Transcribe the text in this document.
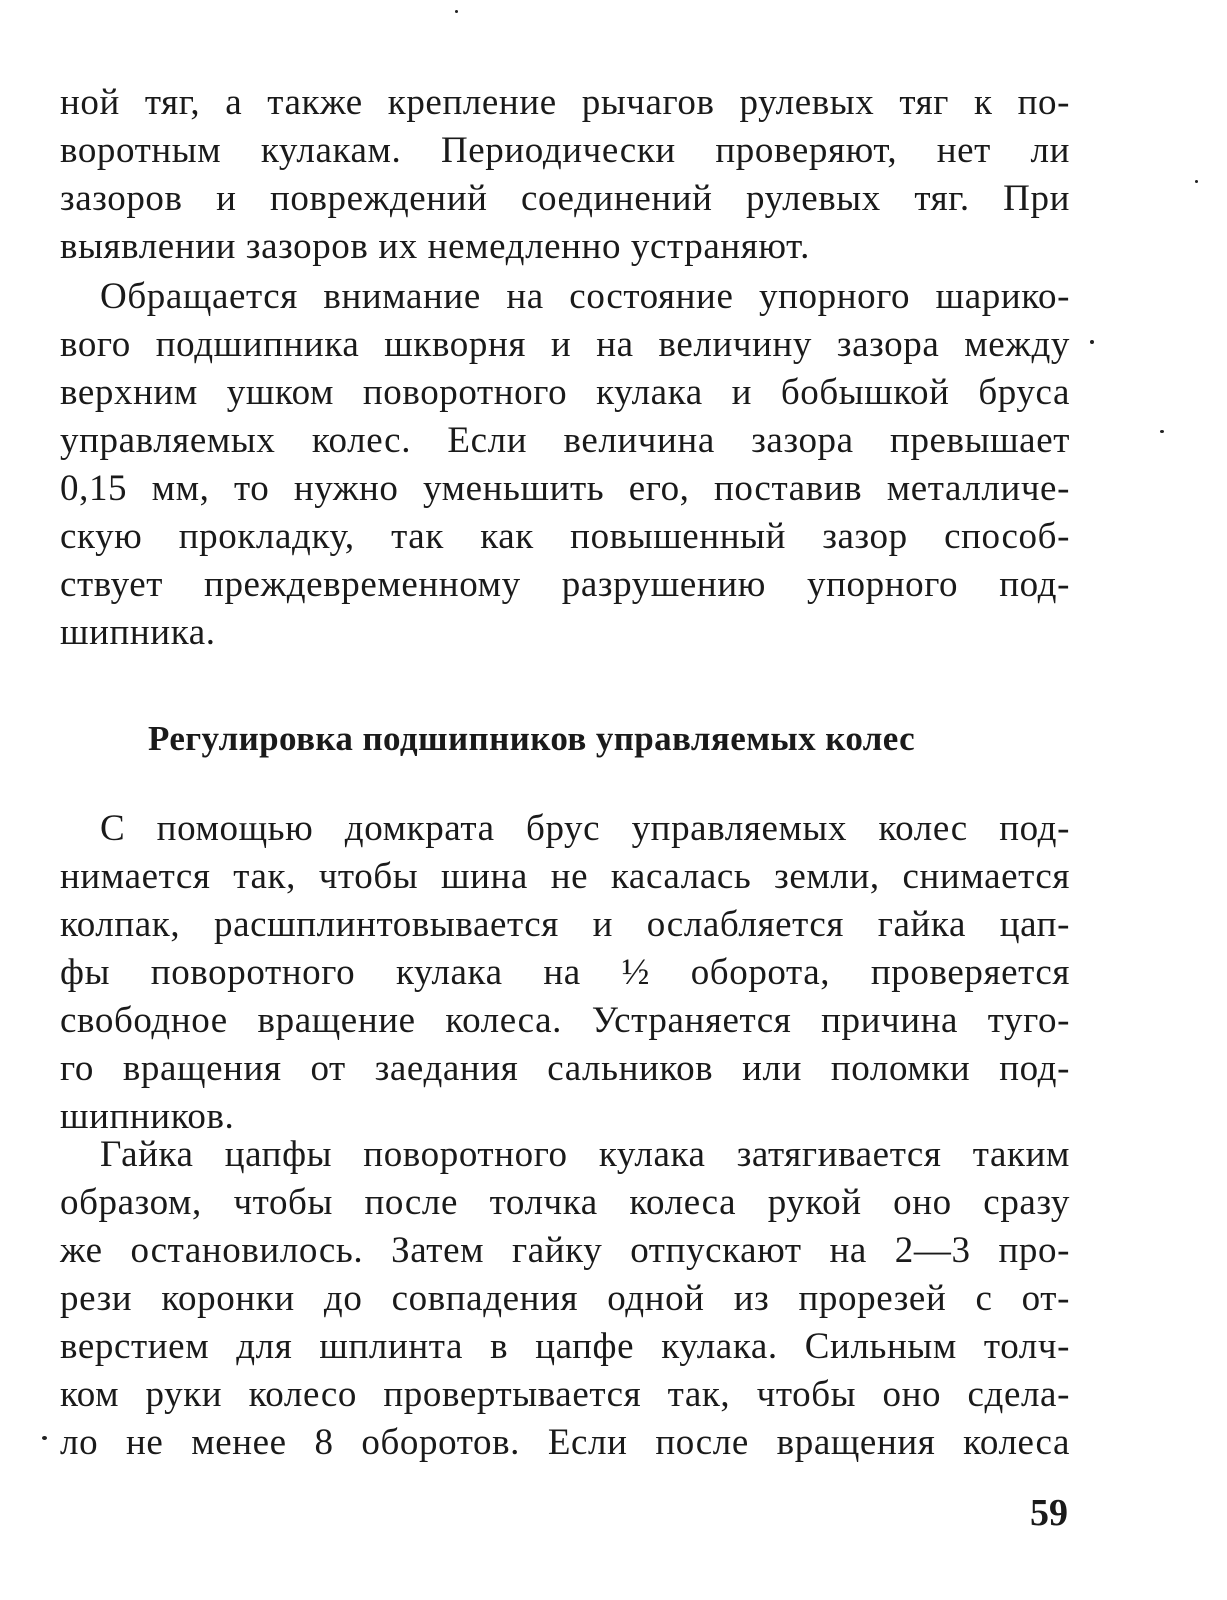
ной тяг, а также крепление рычагов рулевых тяг к по-
воротным кулакам. Периодически проверяют, нет ли
зазоров и повреждений соединений рулевых тяг. При
выявлении зазоров их немедленно устраняют.
Обращается внимание на состояние упорного шарико-
вого подшипника шкворня и на величину зазора между
верхним ушком поворотного кулака и бобышкой бруса
управляемых колес. Если величина зазора превышает
0,15 мм, то нужно уменьшить его, поставив металличе-
скую прокладку, так как повышенный зазор способ-
ствует преждевременному разрушению упорного под-
шипника.
Регулировка подшипников управляемых колес
С помощью домкрата брус управляемых колес под-
нимается так, чтобы шина не касалась земли, снимается
колпак, расшплинтовывается и ослабляется гайка цап-
фы поворотного кулака на ½ оборота, проверяется
свободное вращение колеса. Устраняется причина туго-
го вращения от заедания сальников или поломки под-
шипников.
Гайка цапфы поворотного кулака затягивается таким
образом, чтобы после толчка колеса рукой оно сразу
же остановилось. Затем гайку отпускают на 2—3 про-
рези коронки до совпадения одной из прорезей с от-
верстием для шплинта в цапфе кулака. Сильным толч-
ком руки колесо провертывается так, чтобы оно сдела-
ло не менее 8 оборотов. Если после вращения колеса
59
